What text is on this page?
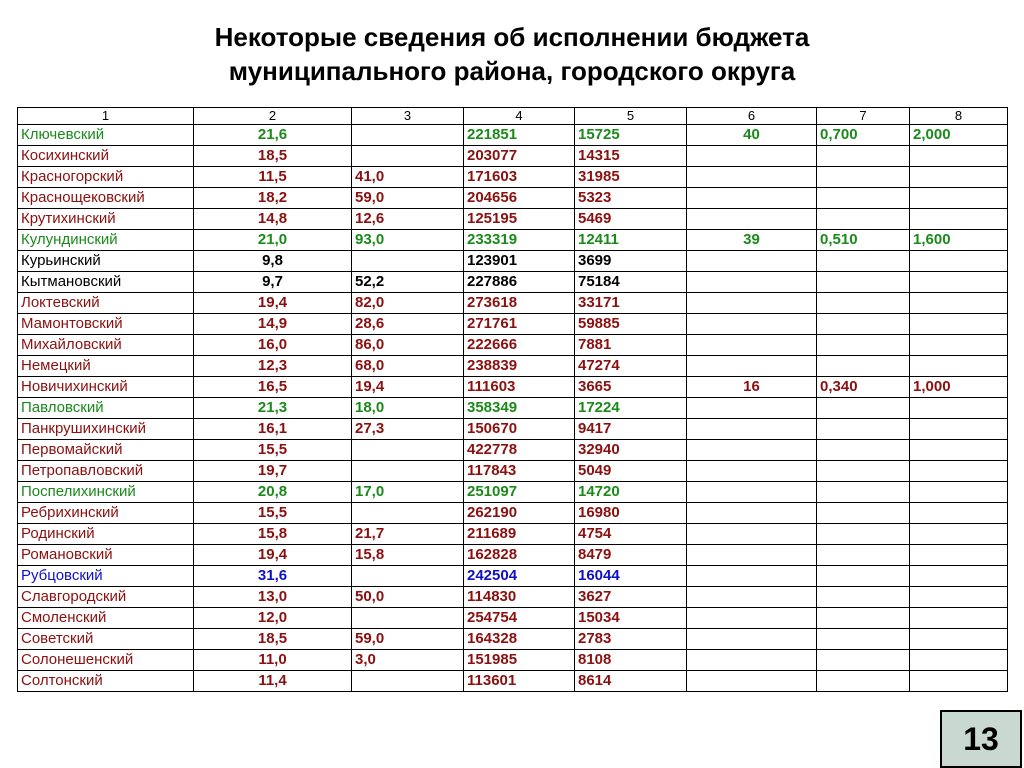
Некоторые сведения об исполнении бюджета
муниципального района, городского округа
1	2	3	4	5	6	7	8
Ключевский	21,6		221851	15725	40	0,700	2,000
Косихинский	18,5		203077	14315			
Красногорский	11,5	41,0	171603	31985			
Краснощековский	18,2	59,0	204656	5323			
Крутихинский	14,8	12,6	125195	5469			
Кулундинский	21,0	93,0	233319	12411	39	0,510	1,600
Курьинский	9,8		123901	3699			
Кытмановский	9,7	52,2	227886	75184			
Локтевский	19,4	82,0	273618	33171			
Мамонтовский	14,9	28,6	271761	59885			
Михайловский	16,0	86,0	222666	7881			
Немецкий	12,3	68,0	238839	47274			
Новичихинский	16,5	19,4	111603	3665	16	0,340	1,000
Павловский	21,3	18,0	358349	17224			
Панкрушихинский	16,1	27,3	150670	9417			
Первомайский	15,5		422778	32940			
Петропавловский	19,7		117843	5049			
Поспелихинский	20,8	17,0	251097	14720			
Ребрихинский	15,5		262190	16980			
Родинский	15,8	21,7	211689	4754			
Романовский	19,4	15,8	162828	8479			
Рубцовский	31,6		242504	16044			
Славгородский	13,0	50,0	114830	3627			
Смоленский	12,0		254754	15034			
Советский	18,5	59,0	164328	2783			
Солонешенский	11,0	3,0	151985	8108			
Солтонский	11,4		113601	8614			
13
